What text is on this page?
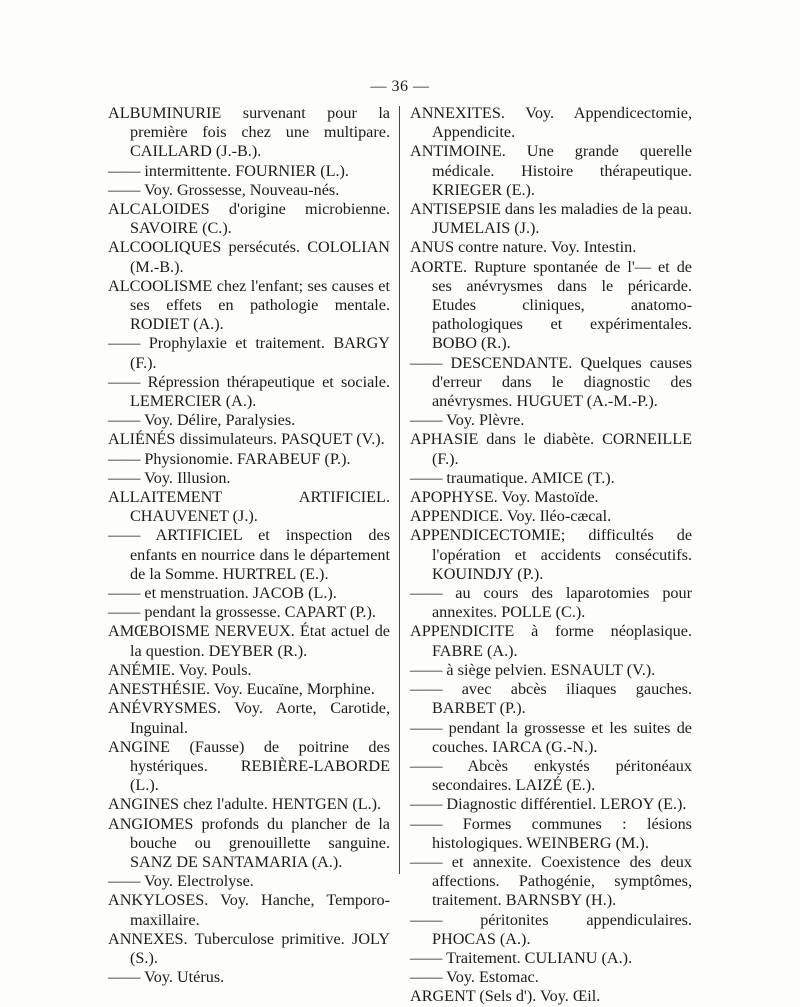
— 36 —

ALBUMINURIE survenant pour la première fois chez une multipare. CAILLARD (J.-B.).

—— intermittente. FOURNIER (L.).

—— Voy. Grossesse, Nouveau-nés.

ALCALOIDES d'origine microbienne. SAVOIRE (C.).

ALCOOLIQUES persécutés. COLOLIAN (M.-B.).

ALCOOLISME chez l'enfant; ses causes et ses effets en pathologie mentale. RODIET (A.).

—— Prophylaxie et traitement. BARGY (F.).

—— Répression thérapeutique et sociale. LEMERCIER (A.).

—— Voy. Délire, Paralysies.

ALIÉNÉS dissimulateurs. PASQUET (V.).

—— Physionomie. FARABEUF (P.).

—— Voy. Illusion.

ALLAITEMENT ARTIFICIEL. CHAUVENET (J.).

—— ARTIFICIEL et inspection des enfants en nourrice dans le département de la Somme. HURTREL (E.).

—— et menstruation. JACOB (L.).

—— pendant la grossesse. CAPART (P.).

AMŒBOISME NERVEUX. État actuel de la question. DEYBER (R.).

ANÉMIE. Voy. Pouls.

ANESTHÉSIE. Voy. Eucaïne, Morphine.

ANÉVRYSMES. Voy. Aorte, Carotide, Inguinal.

ANGINE (Fausse) de poitrine des hystériques. REBIÈRE-LABORDE (L.).

ANGINES chez l'adulte. HENTGEN (L.).

ANGIOMES profonds du plancher de la bouche ou grenouillette sanguine. SANZ DE SANTAMARIA (A.).

—— Voy. Electrolyse.

ANKYLOSES. Voy. Hanche, Temporo-maxillaire.

ANNEXES. Tuberculose primitive. JOLY (S.).

—— Voy. Utérus.

ANNEXITES. Voy. Appendicectomie, Appendicite.

ANTIMOINE. Une grande querelle médicale. Histoire thérapeutique. KRIEGER (E.).

ANTISEPSIE dans les maladies de la peau. JUMELAIS (J.).

ANUS contre nature. Voy. Intestin.

AORTE. Rupture spontanée de l'— et de ses anévrysmes dans le péricarde. Etudes cliniques, anatomo-pathologiques et expérimentales. BOBO (R.).

—— DESCENDANTE. Quelques causes d'erreur dans le diagnostic des anévrysmes. HUGUET (A.-M.-P.).

—— Voy. Plèvre.

APHASIE dans le diabète. CORNEILLE (F.).

—— traumatique. AMICE (T.).

APOPHYSE. Voy. Mastoïde.

APPENDICE. Voy. Iléo-cæcal.

APPENDICECTOMIE; difficultés de l'opération et accidents consécutifs. KOUINDJY (P.).

—— au cours des laparotomies pour annexites. POLLE (C.).

APPENDICITE à forme néoplasique. FABRE (A.).

—— à siège pelvien. ESNAULT (V.).

—— avec abcès iliaques gauches. BARBET (P.).

—— pendant la grossesse et les suites de couches. IARCA (G.-N.).

—— Abcès enkystés péritonéaux secondaires. LAIZÉ (E.).

—— Diagnostic différentiel. LEROY (E.).

—— Formes communes : lésions histologiques. WEINBERG (M.).

—— et annexite. Coexistence des deux affections. Pathogénie, symptômes, traitement. BARNSBY (H.).

—— péritonites appendiculaires. PHOCAS (A.).

—— Traitement. CULIANU (A.).

—— Voy. Estomac.

ARGENT (Sels d'). Voy. Œil.
